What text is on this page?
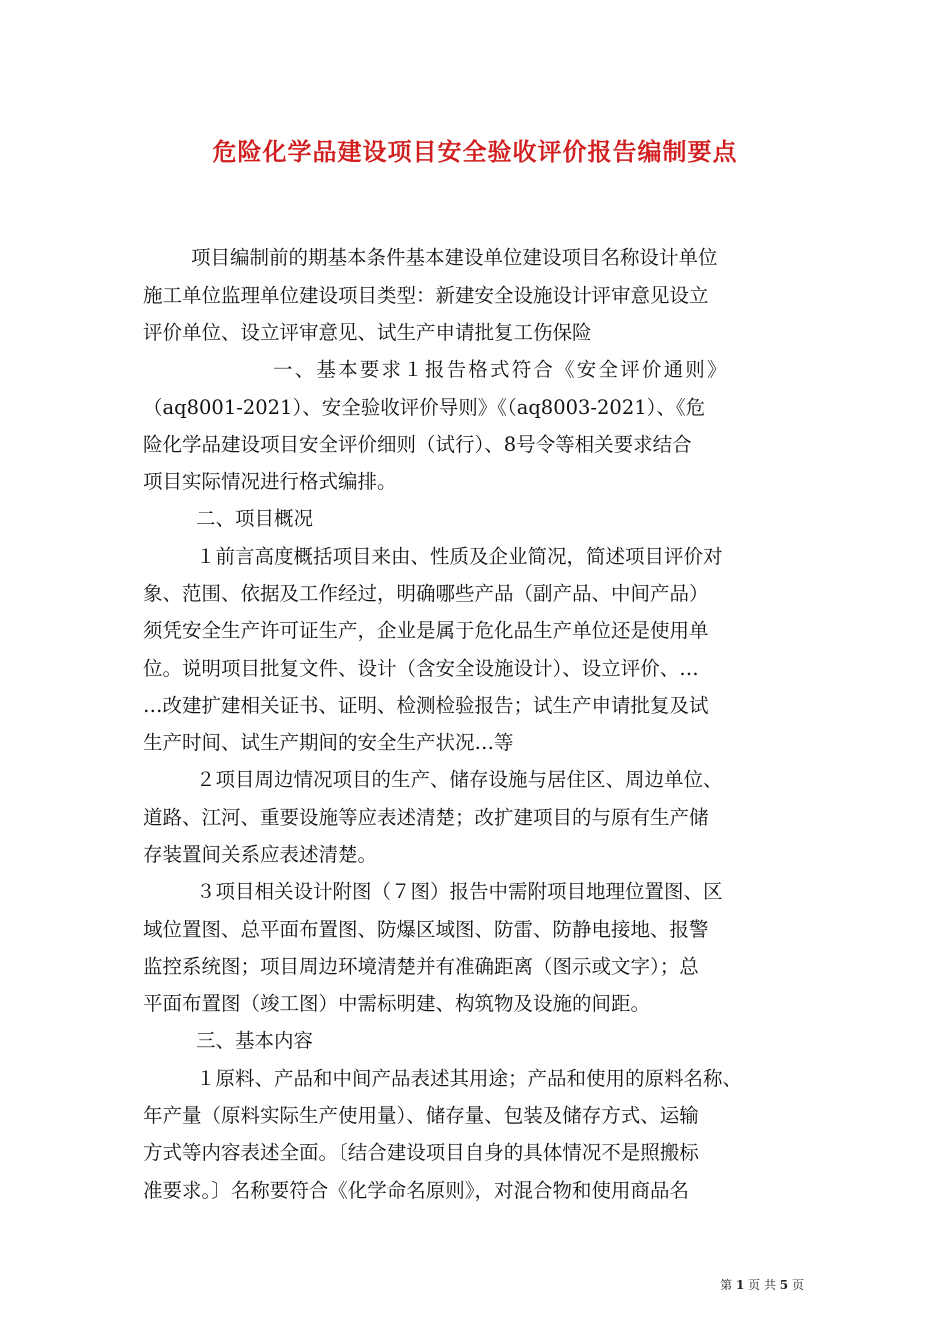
危险化学品建设项目安全验收评价报告编制要点

项目编制前的期基本条件基本建设单位建设项目名称设计单位

施工单位监理单位建设项目类型：新建安全设施设计评审意见设立

评价单位、设立评审意见、试生产申请批复工伤保险

一、基本要求１报告格式符合《安全评价通则》

（aq8001-2021）、安全验收评价导则》《（aq8003-2021）、《危

险化学品建设项目安全评价细则（试行）、8号令等相关要求结合

项目实际情况进行格式编排。

二、项目概况

１前言高度概括项目来由、性质及企业简况，简述项目评价对

象、范围、依据及工作经过，明确哪些产品（副产品、中间产品）

须凭安全生产许可证生产，企业是属于危化品生产单位还是使用单

位。说明项目批复文件、设计（含安全设施设计）、设立评价、…

…改建扩建相关证书、证明、检测检验报告；试生产申请批复及试

生产时间、试生产期间的安全生产状况…等

２项目周边情况项目的生产、储存设施与居住区、周边单位、

道路、江河、重要设施等应表述清楚；改扩建项目的与原有生产储

存装置间关系应表述清楚。

３项目相关设计附图（７图）报告中需附项目地理位置图、区

域位置图、总平面布置图、防爆区域图、防雷、防静电接地、报警

监控系统图；项目周边环境清楚并有准确距离（图示或文字）；总

平面布置图（竣工图）中需标明建、构筑物及设施的间距。

三、基本内容

１原料、产品和中间产品表述其用途；产品和使用的原料名称、

年产量（原料实际生产使用量）、储存量、包装及储存方式、运输

方式等内容表述全面。〔结合建设项目自身的具体情况不是照搬标

准要求。〕名称要符合《化学命名原则》，对混合物和使用商品名

第 1 页 共 5 页
